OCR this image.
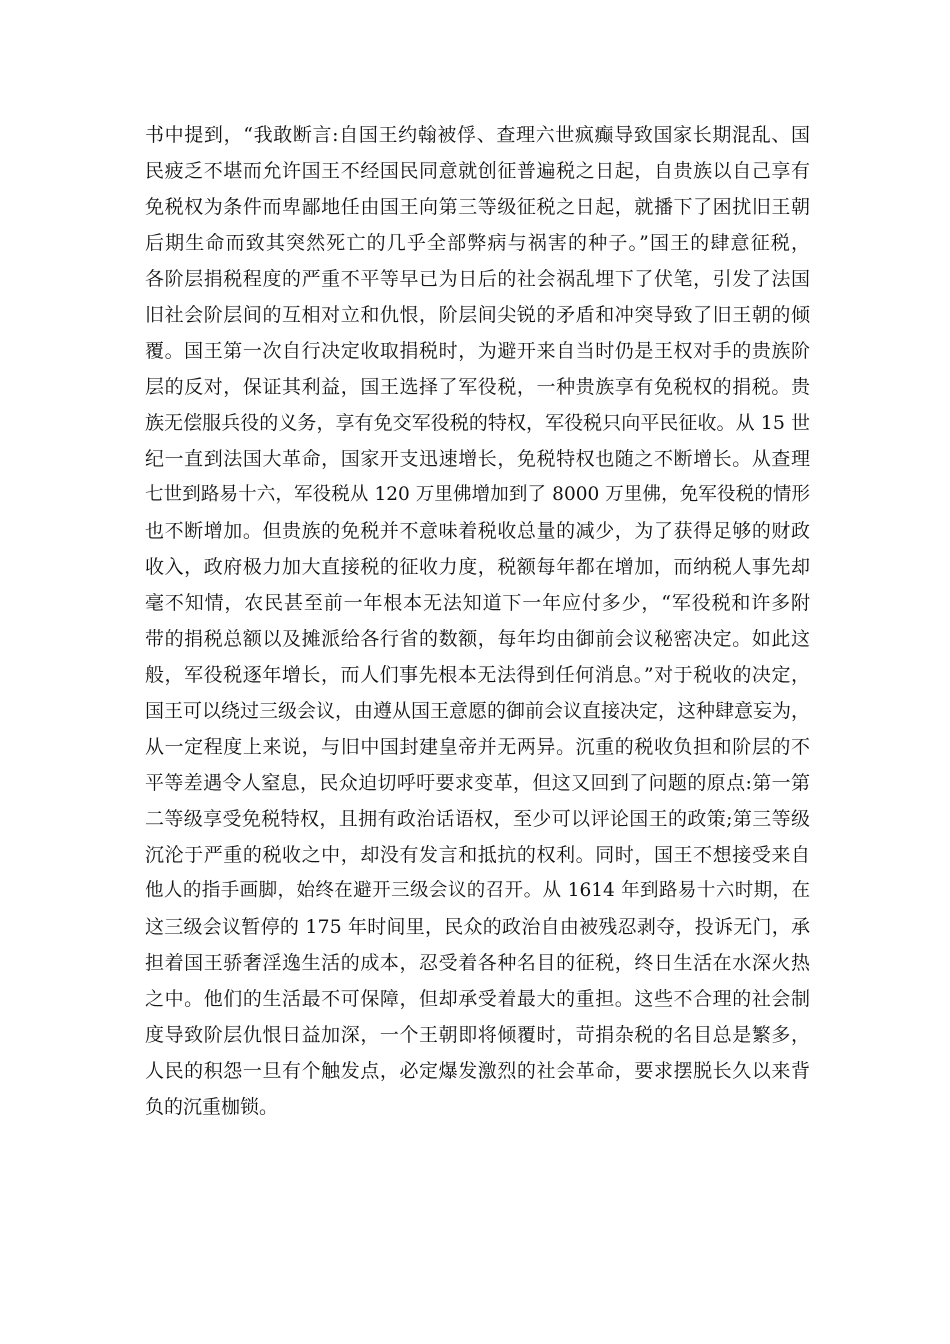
书中提到，“我敢断言:自国王约翰被俘、查理六世疯癫导致国家长期混乱、国
民疲乏不堪而允许国王不经国民同意就创征普遍税之日起，自贵族以自己享有
免税权为条件而卑鄙地任由国王向第三等级征税之日起，就播下了困扰旧王朝
后期生命而致其突然死亡的几乎全部弊病与祸害的种子。”国王的肆意征税，
各阶层捐税程度的严重不平等早已为日后的社会祸乱埋下了伏笔，引发了法国
旧社会阶层间的互相对立和仇恨，阶层间尖锐的矛盾和冲突导致了旧王朝的倾
覆。国王第一次自行决定收取捐税时，为避开来自当时仍是王权对手的贵族阶
层的反对，保证其利益，国王选择了军役税，一种贵族享有免税权的捐税。贵
族无偿服兵役的义务，享有免交军役税的特权，军役税只向平民征收。从 15 世
纪一直到法国大革命，国家开支迅速增长，免税特权也随之不断增长。从查理
七世到路易十六，军役税从 120 万里佛增加到了 8000 万里佛，免军役税的情形
也不断增加。但贵族的免税并不意味着税收总量的减少，为了获得足够的财政
收入，政府极力加大直接税的征收力度，税额每年都在增加，而纳税人事先却
毫不知情，农民甚至前一年根本无法知道下一年应付多少，“军役税和许多附
带的捐税总额以及摊派给各行省的数额，每年均由御前会议秘密决定。如此这
般，军役税逐年增长，而人们事先根本无法得到任何消息。”对于税收的决定，
国王可以绕过三级会议，由遵从国王意愿的御前会议直接决定，这种肆意妄为，
从一定程度上来说，与旧中国封建皇帝并无两异。沉重的税收负担和阶层的不
平等差遇令人窒息，民众迫切呼吁要求变革，但这又回到了问题的原点:第一第
二等级享受免税特权，且拥有政治话语权，至少可以评论国王的政策;第三等级
沉沦于严重的税收之中，却没有发言和抵抗的权利。同时，国王不想接受来自
他人的指手画脚，始终在避开三级会议的召开。从 1614 年到路易十六时期，在
这三级会议暂停的 175 年时间里，民众的政治自由被残忍剥夺，投诉无门，承
担着国王骄奢淫逸生活的成本，忍受着各种名目的征税，终日生活在水深火热
之中。他们的生活最不可保障，但却承受着最大的重担。这些不合理的社会制
度导致阶层仇恨日益加深，一个王朝即将倾覆时，苛捐杂税的名目总是繁多，
人民的积怨一旦有个触发点，必定爆发激烈的社会革命，要求摆脱长久以来背
负的沉重枷锁。
